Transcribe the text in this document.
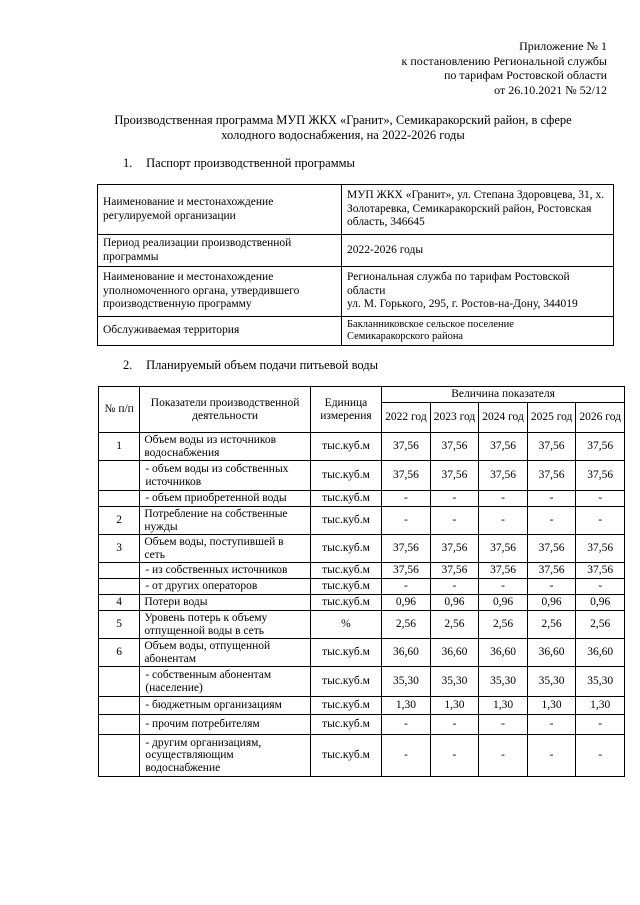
Приложение № 1
к постановлению Региональной службы
по тарифам Ростовской области
от 26.10.2021 № 52/12
Производственная программа МУП ЖКХ «Гранит», Семикаракорский район, в сфере
холодного водоснабжения, на 2022-2026 годы
1. Паспорт производственной программы
Наименование и местонахождение регулируемой организации	МУП ЖКХ «Гранит», ул. Степана Здоровцева, 31, х. Золотаревка, Семикаракорский район, Ростовская область, 346645
Период реализации производственной программы	2022-2026 годы
Наименование и местонахождение уполномоченного органа, утвердившего производственную программу	Региональная служба по тарифам Ростовской области
ул. М. Горького, 295, г. Ростов-на-Дону, 344019

Обслуживаемая территория	Бакланниковское сельское поселение
Семикаракорского района
2. Планируемый объем подачи питьевой воды
№ п/п	Показатели производственной деятельности	Единица измерения	Величина показателя				
			2022 год	2023 год	2024 год	2025 год	2026 год
1	Объем воды из источников водоснабжения	тыс.куб.м	37,56	37,56	37,56	37,56	37,56
	- объем воды из собственных источников	тыс.куб.м	37,56	37,56	37,56	37,56	37,56
	- объем приобретенной воды	тыс.куб.м	-	-	-	-	-
2	Потребление на собственные нужды	тыс.куб.м	-	-	-	-	-
3	Объем воды, поступившей в сеть	тыс.куб.м	37,56	37,56	37,56	37,56	37,56
	- из собственных источников	тыс.куб.м	37,56	37,56	37,56	37,56	37,56
	- от других операторов	тыс.куб.м	-	-	-	-	-
4	Потери воды	тыс.куб.м	0,96	0,96	0,96	0,96	0,96
5	Уровень потерь к объему отпущенной воды в сеть	%	2,56	2,56	2,56	2,56	2,56
6	Объем воды, отпущенной абонентам	тыс.куб.м	36,60	36,60	36,60	36,60	36,60
	- собственным абонентам (население)	тыс.куб.м	35,30	35,30	35,30	35,30	35,30
	- бюджетным организациям	тыс.куб.м	1,30	1,30	1,30	1,30	1,30
	- прочим потребителям	тыс.куб.м	-	-	-	-	-
	- другим организациям, осуществляющим водоснабжение	тыс.куб.м	-	-	-	-	-
